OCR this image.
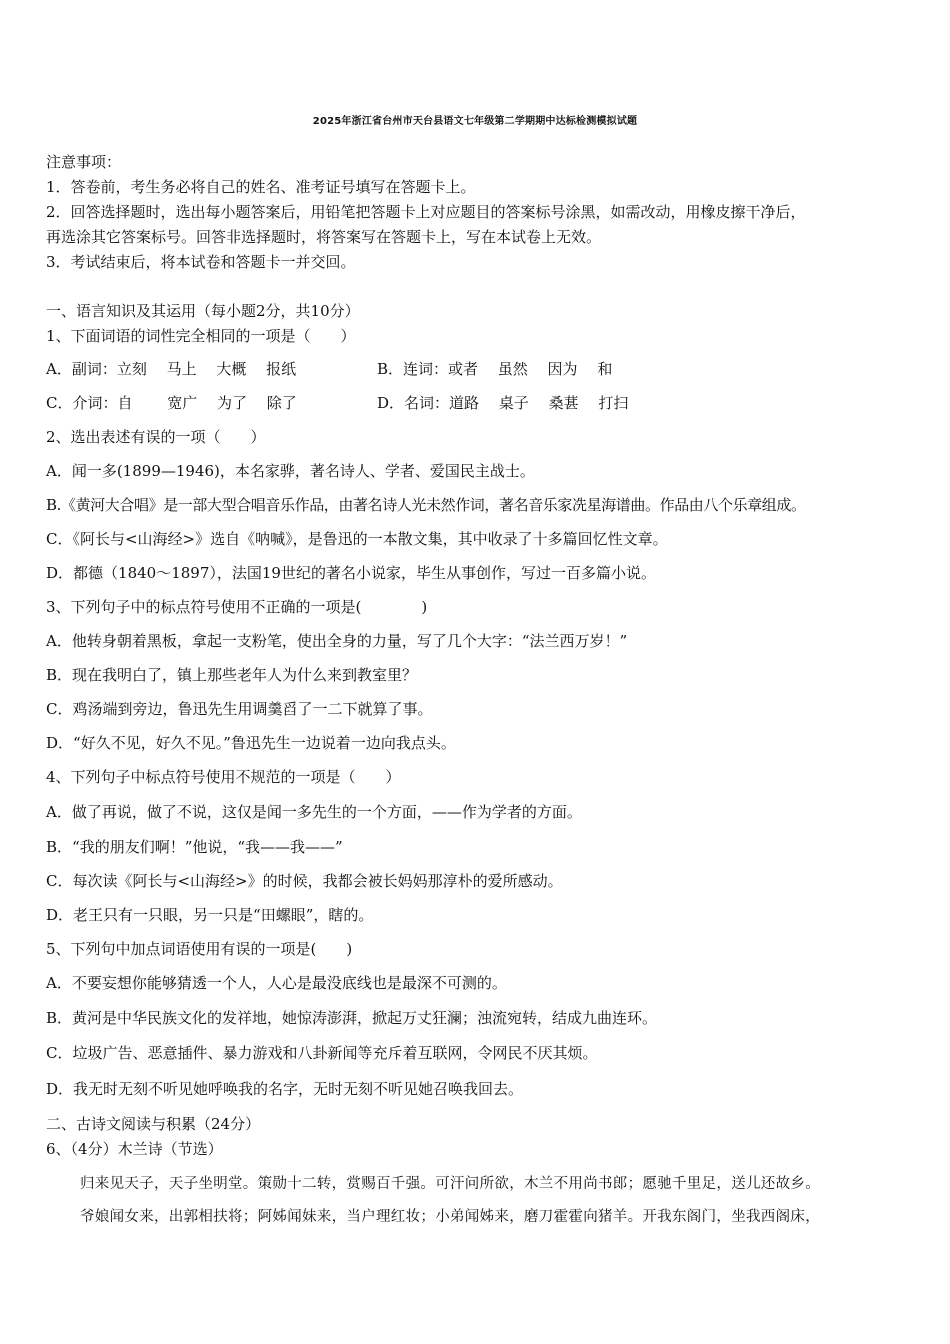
2025年浙江省台州市天台县语文七年级第二学期期中达标检测模拟试题
注意事项：
1．答卷前，考生务必将自己的姓名、准考证号填写在答题卡上。
2．回答选择题时，选出每小题答案后，用铅笔把答题卡上对应题目的答案标号涂黑，如需改动，用橡皮擦干净后，
再选涂其它答案标号。回答非选择题时，将答案写在答题卡上，写在本试卷上无效。
3．考试结束后，将本试卷和答题卡一并交回。
一、语言知识及其运用（每小题2分，共10分）
1、下面词语的词性完全相同的一项是（　　）
A．副词：立刻　 马上　 大概　 报纸	B．连词：或者　 虽然　 因为　 和
C．介词：自　　 宽广　 为了　 除了	D．名词：道路　 桌子　 桑葚　 打扫
2、选出表述有误的一项（　　）
A．闻一多(1899—1946)，本名家骅，著名诗人、学者、爱国民主战士。
B.《黄河大合唱》是一部大型合唱音乐作品，由著名诗人光未然作词，著名音乐家冼星海谱曲。作品由八个乐章组成。
C．《阿长与<山海经>》选自《呐喊》，是鲁迅的一本散文集，其中收录了十多篇回忆性文章。
D．都德（1840～1897），法国19世纪的著名小说家，毕生从事创作，写过一百多篇小说。
3、下列句子中的标点符号使用不正确的一项是(　　　　)
A．他转身朝着黑板，拿起一支粉笔，使出全身的力量，写了几个大字：“法兰西万岁！”
B．现在我明白了，镇上那些老年人为什么来到教室里？
C．鸡汤端到旁边，鲁迅先生用调羹舀了一二下就算了事。
D．“好久不见，好久不见。”鲁迅先生一边说着一边向我点头。
4、下列句子中标点符号使用不规范的一项是（　　）
A．做了再说，做了不说，这仅是闻一多先生的一个方面，——作为学者的方面。
B．“我的朋友们啊！”他说，“我——我——”
C．每次读《阿长与<山海经>》的时候，我都会被长妈妈那淳朴的爱所感动。
D．老王只有一只眼，另一只是“田螺眼”，瞎的。
5、下列句中加点词语使用有误的一项是(　　)
A．不要妄想你能够猜透一个人，人心是最没底线也是最深不可测的。
B．黄河是中华民族文化的发祥地，她惊涛澎湃，掀起万丈狂澜；浊流宛转，结成九曲连环。
C．垃圾广告、恶意插件、暴力游戏和八卦新闻等充斥着互联网，令网民不厌其烦。
D．我无时无刻不听见她呼唤我的名字，无时无刻不听见她召唤我回去。
二、古诗文阅读与积累（24分）
6、（4分）木兰诗（节选）
归来见天子，天子坐明堂。策勋十二转，赏赐百千强。可汗问所欲，木兰不用尚书郎；愿驰千里足，送儿还故乡。
爷娘闻女来，出郭相扶将；阿姊闻妹来，当户理红妆；小弟闻姊来，磨刀霍霍向猪羊。开我东阁门，坐我西阁床，
